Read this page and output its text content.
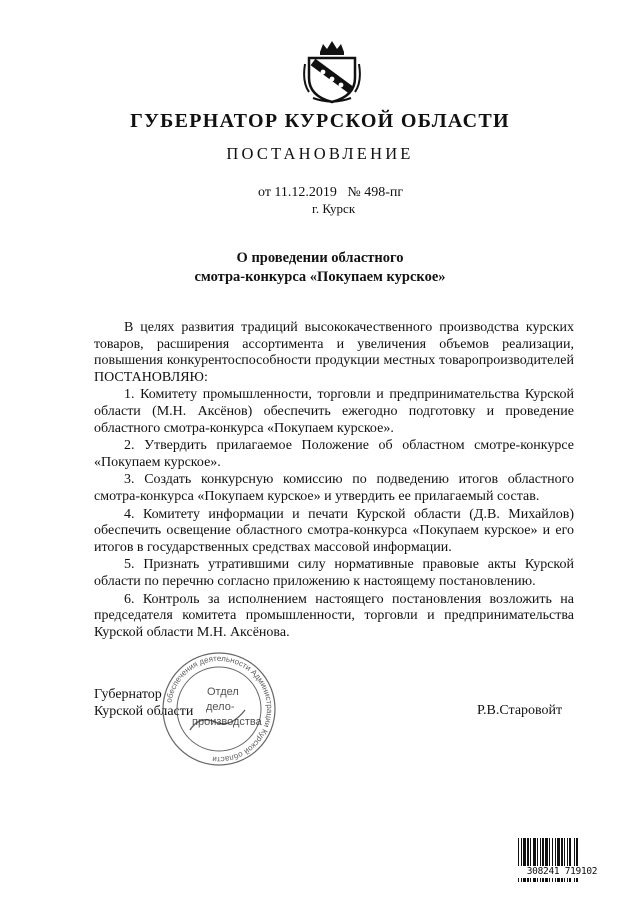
ГУБЕРНАТОР КУРСКОЙ ОБЛАСТИ
ПОСТАНОВЛЕНИЕ
от 11.12.2019   № 498-пг
г. Курск
О проведении областного
смотра-конкурса «Покупаем курское»

В целях развития традиций высококачественного производства курских товаров, расширения ассортимента и увеличения объемов реализации, повышения конкурентоспособности продукции местных товаропроизводителей ПОСТАНОВЛЯЮ:

1. Комитету промышленности, торговли и предпринимательства Курской области (М.Н. Аксёнов) обеспечить ежегодно подготовку и проведение областного смотра-конкурса «Покупаем курское».

2. Утвердить прилагаемое Положение об областном смотре-конкурсе «Покупаем курское».

3. Создать конкурсную комиссию по подведению итогов областного смотра-конкурса «Покупаем курское» и утвердить ее прилагаемый состав.

4. Комитету информации и печати Курской области (Д.В. Михайлов) обеспечить освещение областного смотра-конкурса «Покупаем курское» и его итогов в государственных средствах массовой информации.

5. Признать утратившими силу нормативные правовые акты Курской области по перечню согласно приложению к настоящему постановлению.

6. Контроль за исполнением настоящего постановления возложить на председателя комитета промышленности, торговли и предпринимательства Курской области М.Н. Аксёнова.

Губернатор
Курской области
обеспечения деятельности Администрации Курской области
Отдел
дело-
производства
Р.В.Старовойт
308241 719102
